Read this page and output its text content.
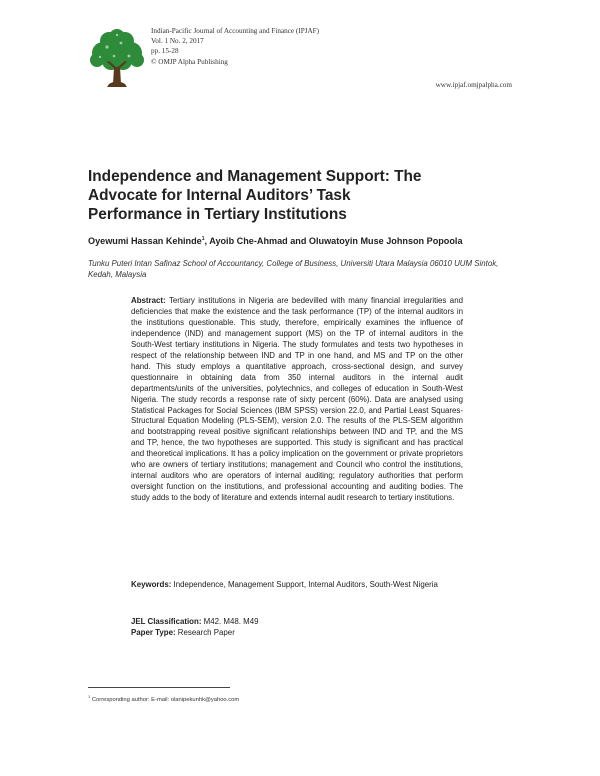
Indian-Pacific Journal of Accounting and Finance (IPJAF)
Vol. 1 No. 2, 2017
pp. 15-28
© OMJP Alpha Publishing
www.ipjaf.omjpalpha.com
Independence and Management Support: The Advocate for Internal Auditors’ Task Performance in Tertiary Institutions
Oyewumi Hassan Kehinde$^1$, Ayoib Che-Ahmad and Oluwatoyin Muse Johnson Popoola
Tunku Puteri Intan Safinaz School of Accountancy, College of Business, Universiti Utara Malaysia 06010 UUM Sintok, Kedah, Malaysia

Abstract: Tertiary institutions in Nigeria are bedevilled with many financial irregularities and deficiencies that make the existence and the task performance (TP) of the internal auditors in the institutions questionable. This study, therefore, empirically examines the influence of independence (IND) and management support (MS) on the TP of internal auditors in the South-West tertiary institutions in Nigeria. The study formulates and tests two hypotheses in respect of the relationship between IND and TP in one hand, and MS and TP on the other hand. This study employs a quantitative approach, cross-sectional design, and survey questionnaire in obtaining data from 350 internal auditors in the internal audit departments/units of the universities, polytechnics, and colleges of education in South-West Nigeria. The study records a response rate of sixty percent (60%). Data are analysed using Statistical Packages for Social Sciences (IBM SPSS) version 22.0, and Partial Least Squares-Structural Equation Modeling (PLS-SEM), version 2.0. The results of the PLS-SEM algorithm and bootstrapping reveal positive significant relationships between IND and TP, and the MS and TP, hence, the two hypotheses are supported. This study is significant and has practical and theoretical implications. It has a policy implication on the government or private proprietors who are owners of tertiary institutions; management and Council who control the institutions, internal auditors who are operators of internal auditing; regulatory authorities that perform oversight function on the institutions, and professional accounting and auditing bodies. The study adds to the body of literature and extends internal audit research to tertiary institutions.

Keywords: Independence, Management Support, Internal Auditors, South-West Nigeria
JEL Classification: M42. M48. M49
Paper Type: Research Paper
$^1$ Corresponding author: E-mail: olanipekunhk@yahoo.com
